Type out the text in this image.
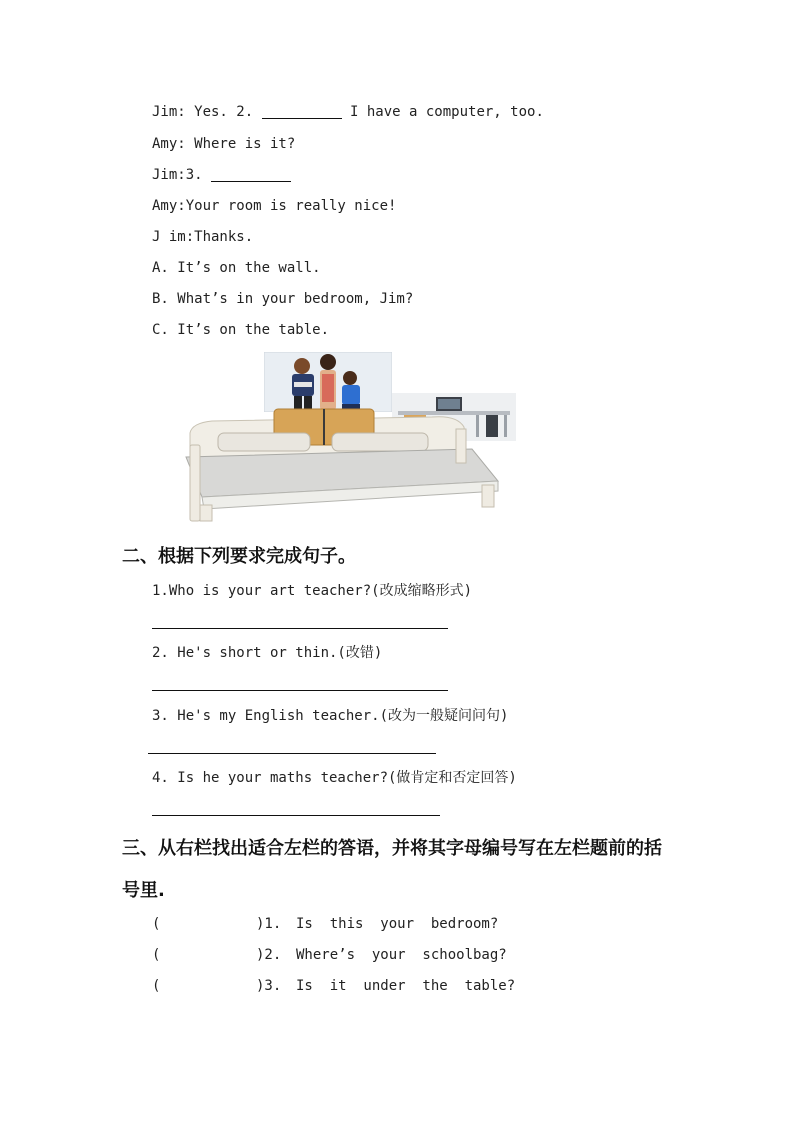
Jim: Yes. 2.	I have a computer, too.
Amy: Where is it?
Jim:3.
Amy:Your room is really nice!
J im:Thanks.
A. It’s on the wall.
B. What’s in your bedroom, Jim?
C. It’s on the table.
二、根据下列要求完成句子。
1.Who is your art teacher?(改成缩略形式)
2. He's short or thin.(改错)
3. He's my English teacher.(改为一般疑问问句)
4. Is he your maths teacher?(做肯定和否定回答)
三、从右栏找出适合左栏的答语，并将其字母编号写在左栏题前的括
号里.
(	)1. Is  this  your  bedroom?
(	)2. Where’s  your  schoolbag?
(	)3. Is  it  under  the  table?
